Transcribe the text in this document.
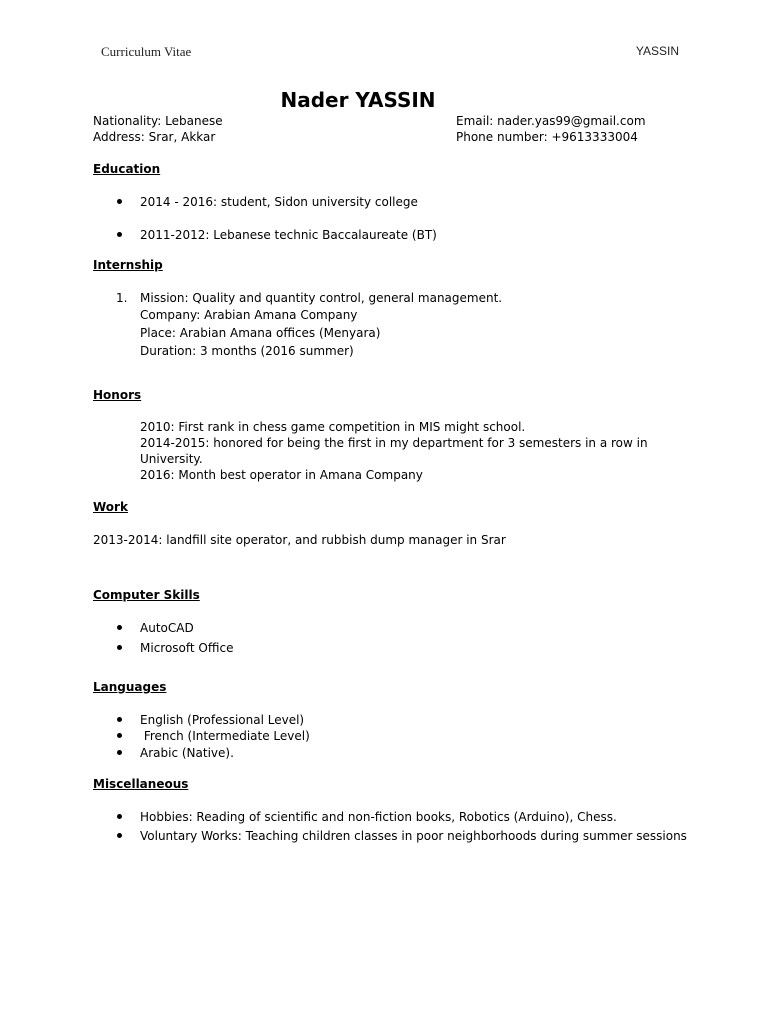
Curriculum Vitae	YASSIN
Nader YASSIN
Nationality: Lebanese
Address: Srar, Akkar
Email: nader.yas99@gmail.com
Phone number: +9613333004
Education
2014 - 2016: student, Sidon university college
2011-2012: Lebanese technic Baccalaureate (BT)
Internship
1. Mission: Quality and quantity control, general management.
Company: Arabian Amana Company
Place: Arabian Amana offices (Menyara)
Duration: 3 months (2016 summer)
Honors
2010: First rank in chess game competition in MIS might school.
2014-2015: honored for being the first in my department for 3 semesters in a row in
University.
2016: Month best operator in Amana Company
Work
2013-2014: landfill site operator, and rubbish dump manager in Srar
Computer Skills
AutoCAD
Microsoft Office
Languages
English (Professional Level)
French (Intermediate Level)
Arabic (Native).
Miscellaneous
Hobbies: Reading of scientific and non-fiction books, Robotics (Arduino), Chess.
Voluntary Works: Teaching children classes in poor neighborhoods during summer sessions
